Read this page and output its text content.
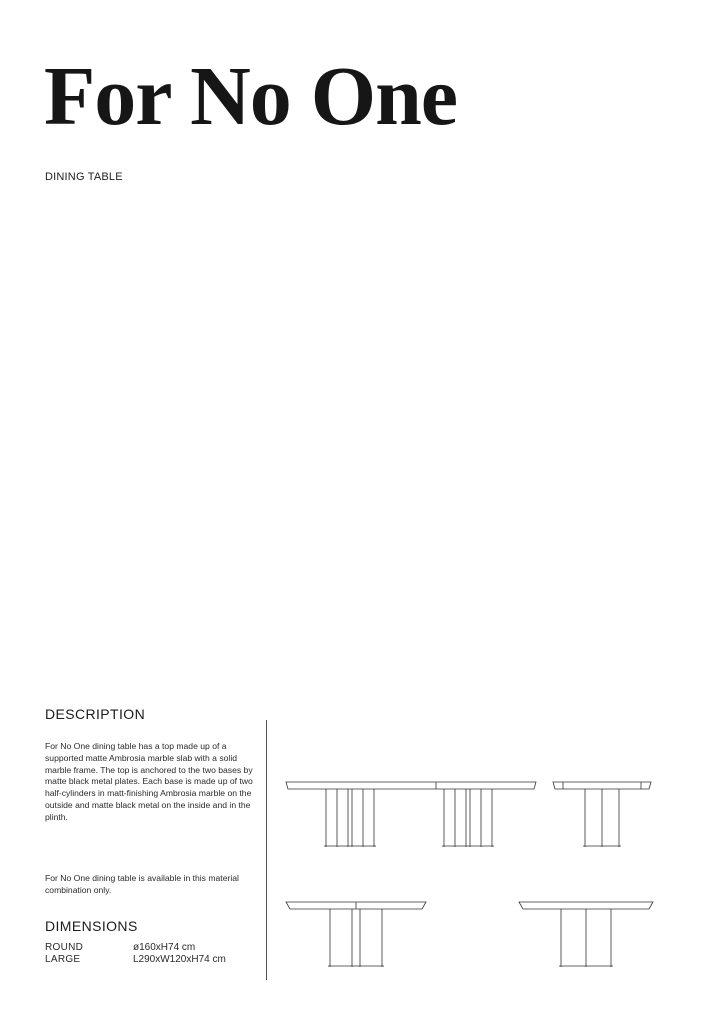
For No One
DINING TABLE
DESCRIPTION

For No One dining table has a top made up of a supported matte Ambrosia marble slab with a solid marble frame. The top is anchored to the two bases by matte black metal plates. Each base is made up of two half-cylinders in matt-finishing Ambrosia marble on the outside and matte black metal on the inside and in the plinth.

For No One dining table is available in this material combination only.

DIMENSIONS
ROUND	ø160xH74 cm
LARGE	L290xW120xH74 cm
